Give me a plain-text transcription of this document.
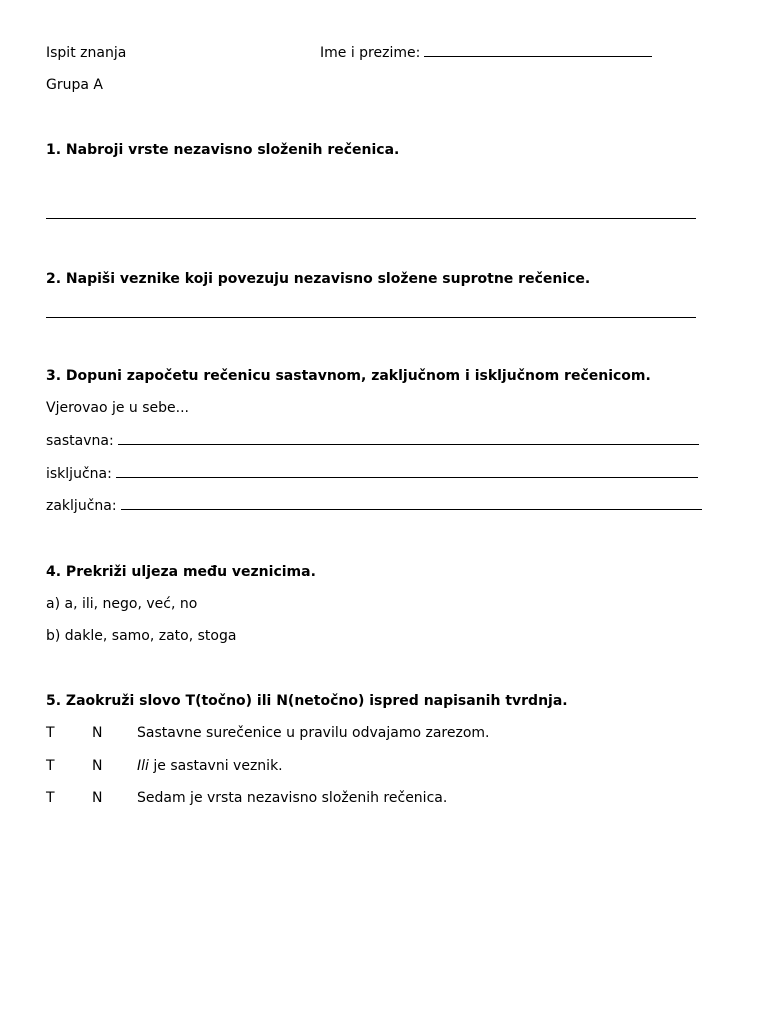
Ispit znanja	Ime i prezime:
Grupa A
1. Nabroji vrste nezavisno složenih rečenica.
2. Napiši veznike koji povezuju nezavisno složene suprotne rečenice.
3. Dopuni započetu rečenicu sastavnom, zaključnom i isključnom rečenicom.
Vjerovao je u sebe...
sastavna:
isključna:
zaključna:
4. Prekriži uljeza među veznicima.
a) a, ili, nego, već, no
b) dakle, samo, zato, stoga
5. Zaokruži slovo T(točno) ili N(netočno) ispred napisanih tvrdnja.
T	N Sastavne surečenice u pravilu odvajamo zarezom.
T	N Ili je sastavni veznik.
T	N Sedam je vrsta nezavisno složenih rečenica.
